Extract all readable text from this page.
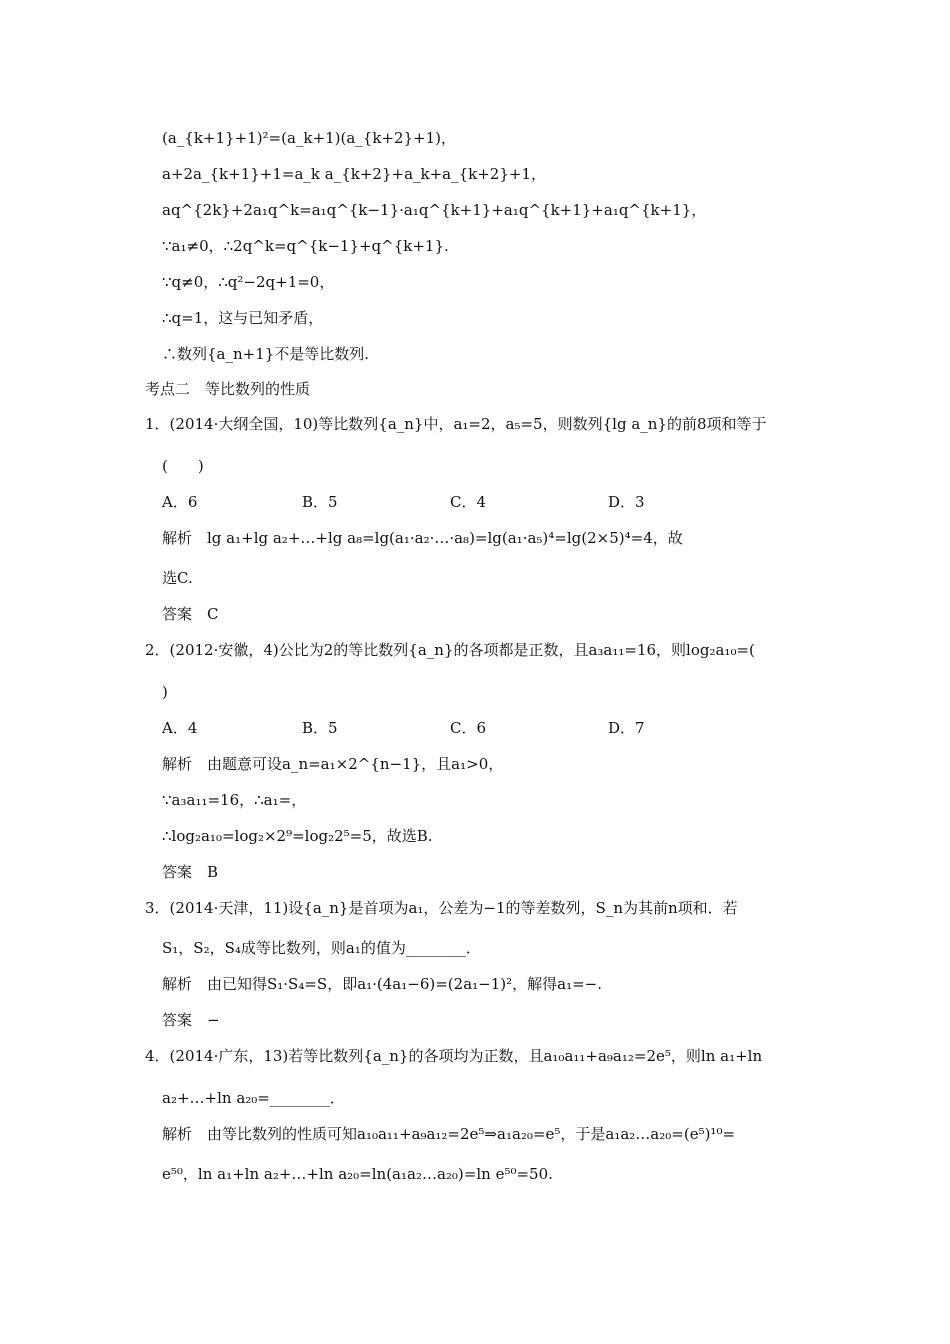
(a_{k+1}+1)²=(a_k+1)(a_{k+2}+1)，
a+2a_{k+1}+1=a_k a_{k+2}+a_k+a_{k+2}+1，
aq^{2k}+2a₁q^k=a₁q^{k−1}·a₁q^{k+1}+a₁q^{k+1}+a₁q^{k+1}，
∵a₁≠0，∴2q^k=q^{k−1}+q^{k+1}.
∵q≠0，∴q²−2q+1=0，
∴q=1，这与已知矛盾，
∴数列{a_n+1}不是等比数列.
考点二　等比数列的性质
1．(2014·大纲全国，10)等比数列{a_n}中，a₁=2，a₅=5，则数列{lg a_n}的前8项和等于
(　　)
A．6	B．5	C．4	D．3
解析　lg a₁+lg a₂+…+lg a₈=lg(a₁·a₂·…·a₈)=lg(a₁·a₅)⁴=lg(2×5)⁴=4，故
选C.
答案　C
2．(2012·安徽，4)公比为2的等比数列{a_n}的各项都是正数，且a₃a₁₁=16，则log₂a₁₀=(
)
A．4	B．5	C．6	D．7
解析　由题意可设a_n=a₁×2^{n−1}，且a₁>0，
∵a₃a₁₁=16，∴a₁=，
∴log₂a₁₀=log₂×2⁹=log₂2⁵=5，故选B.
答案　B
3．(2014·天津，11)设{a_n}是首项为a₁，公差为−1的等差数列，S_n为其前n项和．若
S₁，S₂，S₄成等比数列，则a₁的值为________．
解析　由已知得S₁·S₄=S，即a₁·(4a₁−6)=(2a₁−1)²，解得a₁=−.
答案　−
4．(2014·广东，13)若等比数列{a_n}的各项均为正数，且a₁₀a₁₁+a₉a₁₂=2e⁵，则ln a₁+ln
a₂+…+ln a₂₀=________．
解析　由等比数列的性质可知a₁₀a₁₁+a₉a₁₂=2e⁵⇒a₁a₂₀=e⁵，于是a₁a₂…a₂₀=(e⁵)¹⁰=
e⁵⁰，ln a₁+ln a₂+…+ln a₂₀=ln(a₁a₂…a₂₀)=ln e⁵⁰=50.
